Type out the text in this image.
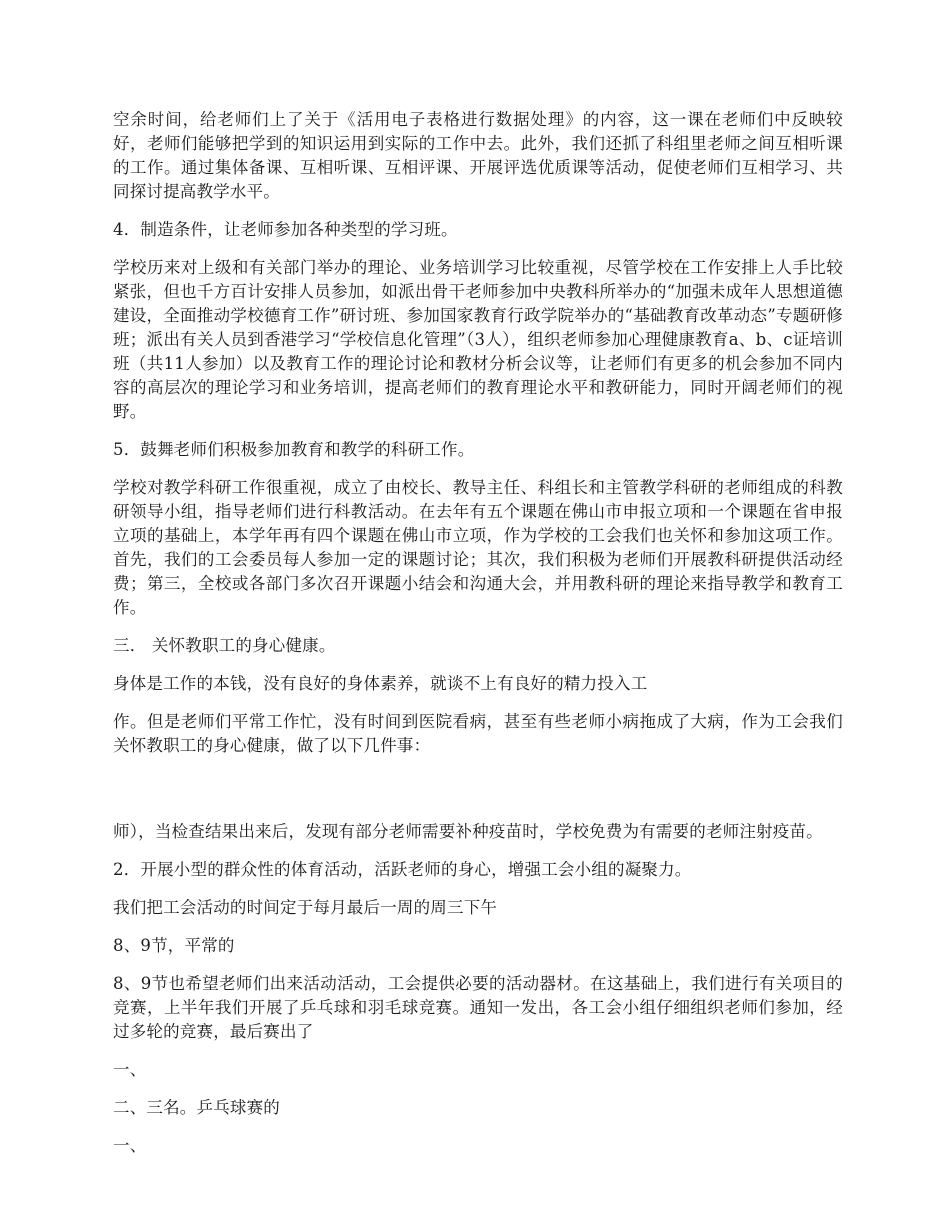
空余时间，给老师们上了关于《活用电子表格进行数据处理》的内容，这一课在老师们中反映较好，老师们能够把学到的知识运用到实际的工作中去。此外，我们还抓了科组里老师之间互相听课的工作。通过集体备课、互相听课、互相评课、开展评选优质课等活动，促使老师们互相学习、共同探讨提高教学水平。

4．制造条件，让老师参加各种类型的学习班。

学校历来对上级和有关部门举办的理论、业务培训学习比较重视，尽管学校在工作安排上人手比较紧张，但也千方百计安排人员参加，如派出骨干老师参加中央教科所举办的“加强未成年人思想道德建设，全面推动学校德育工作”研讨班、参加国家教育行政学院举办的“基础教育改革动态”专题研修班；派出有关人员到香港学习“学校信息化管理”（3人），组织老师参加心理健康教育a、b、c证培训班（共11人参加）以及教育工作的理论讨论和教材分析会议等，让老师们有更多的机会参加不同内容的高层次的理论学习和业务培训，提高老师们的教育理论水平和教研能力，同时开阔老师们的视野。

5．鼓舞老师们积极参加教育和教学的科研工作。

学校对教学科研工作很重视，成立了由校长、教导主任、科组长和主管教学科研的老师组成的科教研领导小组，指导老师们进行科教活动。在去年有五个课题在佛山市申报立项和一个课题在省申报立项的基础上，本学年再有四个课题在佛山市立项，作为学校的工会我们也关怀和参加这项工作。首先，我们的工会委员每人参加一定的课题讨论；其次，我们积极为老师们开展教科研提供活动经费；第三，全校或各部门多次召开课题小结会和沟通大会，并用教科研的理论来指导教学和教育工作。

三． 关怀教职工的身心健康。

身体是工作的本钱，没有良好的身体素养，就谈不上有良好的精力投入工

作。但是老师们平常工作忙，没有时间到医院看病，甚至有些老师小病拖成了大病，作为工会我们关怀教职工的身心健康，做了以下几件事：

师），当检查结果出来后，发现有部分老师需要补种疫苗时，学校免费为有需要的老师注射疫苗。

2．开展小型的群众性的体育活动，活跃老师的身心，增强工会小组的凝聚力。

我们把工会活动的时间定于每月最后一周的周三下午

8、9节，平常的

8、9节也希望老师们出来活动活动，工会提供必要的活动器材。在这基础上，我们进行有关项目的竞赛，上半年我们开展了乒乓球和羽毛球竞赛。通知一发出，各工会小组仔细组织老师们参加，经过多轮的竞赛，最后赛出了

一、

二、三名。乒乓球赛的

一、
